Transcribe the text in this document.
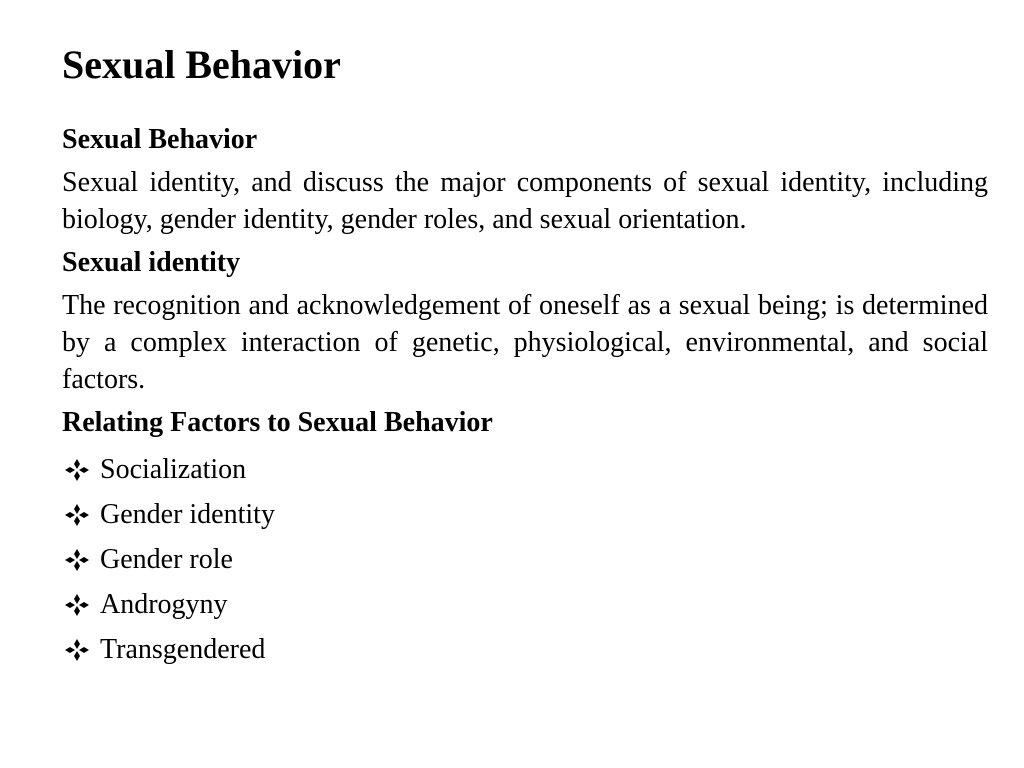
Sexual Behavior
Sexual Behavior

Sexual identity, and discuss the major components of sexual identity, including biology, gender identity, gender roles, and sexual orientation.

Sexual identity

The recognition and acknowledgement of oneself as a sexual being; is determined by a complex interaction of genetic, physiological, environmental, and social factors.

Relating Factors to Sexual Behavior
Socialization
Gender identity
Gender role
Androgyny
Transgendered
